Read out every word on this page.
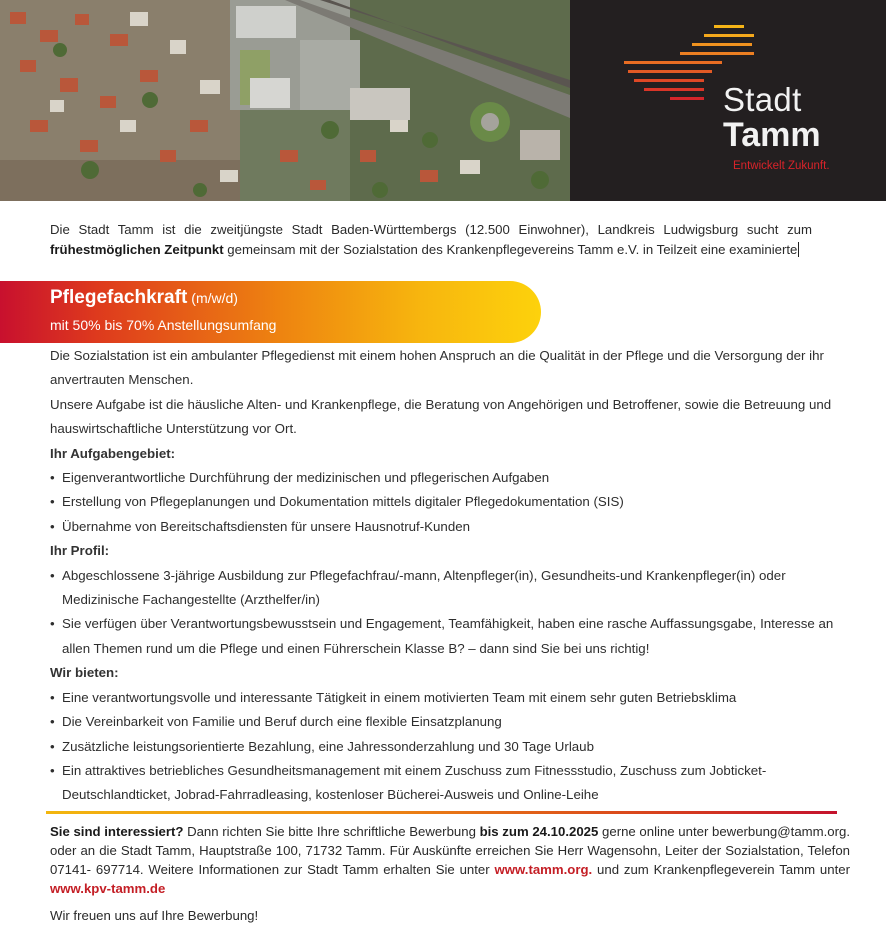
Stadt
Tamm
Entwickelt Zukunft.
Die Stadt Tamm ist die zweitjüngste Stadt Baden-Württembergs (12.500 Einwohner), Landkreis Ludwigsburg sucht zum frühestmöglichen Zeitpunkt gemeinsam mit der Sozialstation des Krankenpflegevereins Tamm e.V. in Teilzeit eine examinierte
Pflegefachkraft (m/w/d)
mit 50% bis 70% Anstellungsumfang

Die Sozialstation ist ein ambulanter Pflegedienst mit einem hohen Anspruch an die Qualität in der Pflege und die Versorgung der ihr anvertrauten Menschen.

Unsere Aufgabe ist die häusliche Alten- und Krankenpflege, die Beratung von Angehörigen und Betroffener, sowie die Betreuung und hauswirtschaftliche Unterstützung vor Ort.

Ihr Aufgabengebiet:

• Eigenverantwortliche Durchführung der medizinischen und pflegerischen Aufgaben
• Erstellung von Pflegeplanungen und Dokumentation mittels digitaler Pflegedokumentation (SIS)
• Übernahme von Bereitschaftsdiensten für unsere Hausnotruf-Kunden

Ihr Profil:

• Abgeschlossene 3-jährige Ausbildung zur Pflegefachfrau/-mann, Altenpfleger(in), Gesundheits-und Krankenpfleger(in) oder Medizinische Fachangestellte (Arzthelfer/in)
• Sie verfügen über Verantwortungsbewusstsein und Engagement, Teamfähigkeit, haben eine rasche Auffassungsgabe, Interesse an allen Themen rund um die Pflege und einen Führerschein Klasse B? – dann sind Sie bei uns richtig!

Wir bieten:

• Eine verantwortungsvolle und interessante Tätigkeit in einem motivierten Team mit einem sehr guten Betriebsklima
• Die Vereinbarkeit von Familie und Beruf durch eine flexible Einsatzplanung
• Zusätzliche leistungsorientierte Bezahlung, eine Jahressonderzahlung und 30 Tage Urlaub
• Ein attraktives betriebliches Gesundheitsmanagement mit einem Zuschuss zum Fitnessstudio, Zuschuss zum Jobticket-Deutschlandticket, Jobrad-Fahrradleasing, kostenloser Bücherei-Ausweis und Online-Leihe
Sie sind interessiert? Dann richten Sie bitte Ihre schriftliche Bewerbung bis zum 24.10.2025 gerne online unter bewerbung@tamm.org. oder an die Stadt Tamm, Hauptstraße 100, 71732 Tamm. Für Auskünfte erreichen Sie Herr Wagensohn, Leiter der Sozialstation, Telefon 07141- 697714. Weitere Informationen zur Stadt Tamm erhalten Sie unter www.tamm.org. und zum Krankenpflegeverein Tamm unter www.kpv-tamm.de
Wir freuen uns auf Ihre Bewerbung!
